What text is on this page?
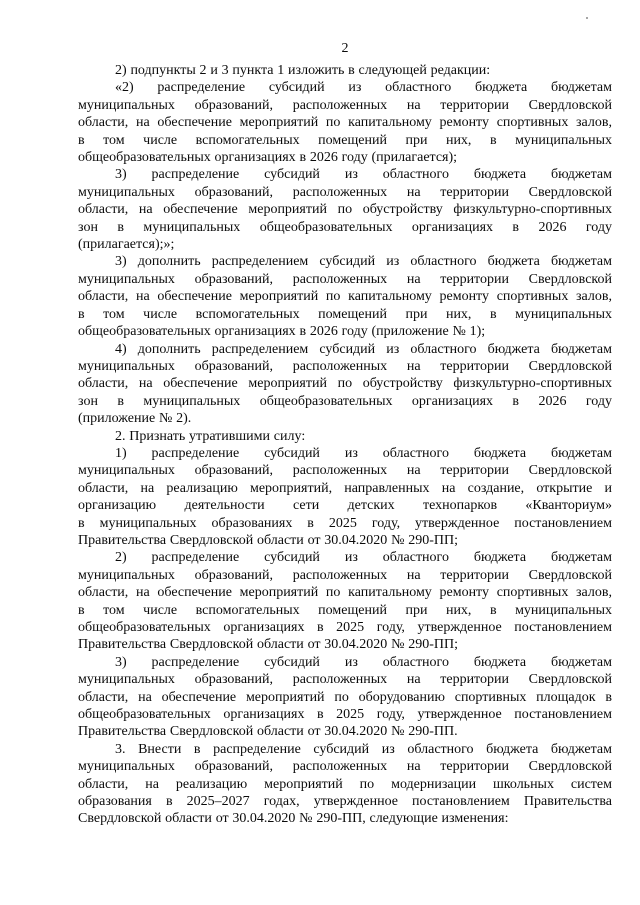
2
2) подпункты 2 и 3 пункта 1 изложить в следующей редакции:
«2) распределение субсидий из областного бюджета бюджетам
муниципальных образований, расположенных на территории Свердловской
области, на обеспечение мероприятий по капитальному ремонту спортивных залов,
в том числе вспомогательных помещений при них, в муниципальных
общеобразовательных организациях в 2026 году (прилагается);
3) распределение субсидий из областного бюджета бюджетам
муниципальных образований, расположенных на территории Свердловской
области, на обеспечение мероприятий по обустройству физкультурно-спортивных
зон в муниципальных общеобразовательных организациях в 2026 году
(прилагается);»;
3) дополнить распределением субсидий из областного бюджета бюджетам
муниципальных образований, расположенных на территории Свердловской
области, на обеспечение мероприятий по капитальному ремонту спортивных залов,
в том числе вспомогательных помещений при них, в муниципальных
общеобразовательных организациях в 2026 году (приложение № 1);
4) дополнить распределением субсидий из областного бюджета бюджетам
муниципальных образований, расположенных на территории Свердловской
области, на обеспечение мероприятий по обустройству физкультурно-спортивных
зон в муниципальных общеобразовательных организациях в 2026 году
(приложение № 2).
2. Признать утратившими силу:
1) распределение субсидий из областного бюджета бюджетам
муниципальных образований, расположенных на территории Свердловской
области, на реализацию мероприятий, направленных на создание, открытие и
организацию деятельности сети детских технопарков «Кванториум»
в муниципальных образованиях в 2025 году, утвержденное постановлением
Правительства Свердловской области от 30.04.2020 № 290-ПП;
2) распределение субсидий из областного бюджета бюджетам
муниципальных образований, расположенных на территории Свердловской
области, на обеспечение мероприятий по капитальному ремонту спортивных залов,
в том числе вспомогательных помещений при них, в муниципальных
общеобразовательных организациях в 2025 году, утвержденное постановлением
Правительства Свердловской области от 30.04.2020 № 290-ПП;
3) распределение субсидий из областного бюджета бюджетам
муниципальных образований, расположенных на территории Свердловской
области, на обеспечение мероприятий по оборудованию спортивных площадок в
общеобразовательных организациях в 2025 году, утвержденное постановлением
Правительства Свердловской области от 30.04.2020 № 290-ПП.
3. Внести в распределение субсидий из областного бюджета бюджетам
муниципальных образований, расположенных на территории Свердловской
области, на реализацию мероприятий по модернизации школьных систем
образования в 2025–2027 годах, утвержденное постановлением Правительства
Свердловской области от 30.04.2020 № 290-ПП, следующие изменения:
